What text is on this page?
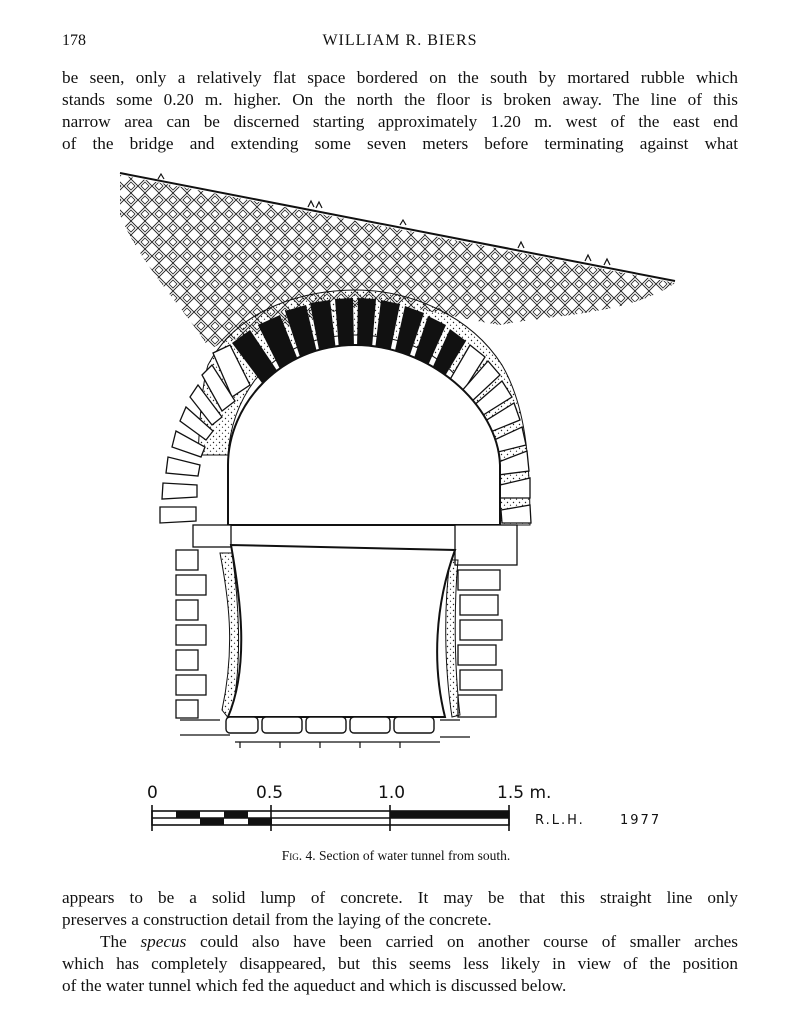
178	WILLIAM R. BIERS
be seen, only a relatively flat space bordered on the south by mortared rubble which
stands some 0.20 m. higher. On the north the floor is broken away. The line of this
narrow area can be discerned starting approximately 1.20 m. west of the east end
of the bridge and extending some seven meters before terminating against what
0	0.5	1.0	1.5 m.
R.L.H.	1977
Fig. 4. Section of water tunnel from south.
appears to be a solid lump of concrete. It may be that this straight line only
preserves a construction detail from the laying of the concrete.
The specus could also have been carried on another course of smaller arches
which has completely disappeared, but this seems less likely in view of the position
of the water tunnel which fed the aqueduct and which is discussed below.
